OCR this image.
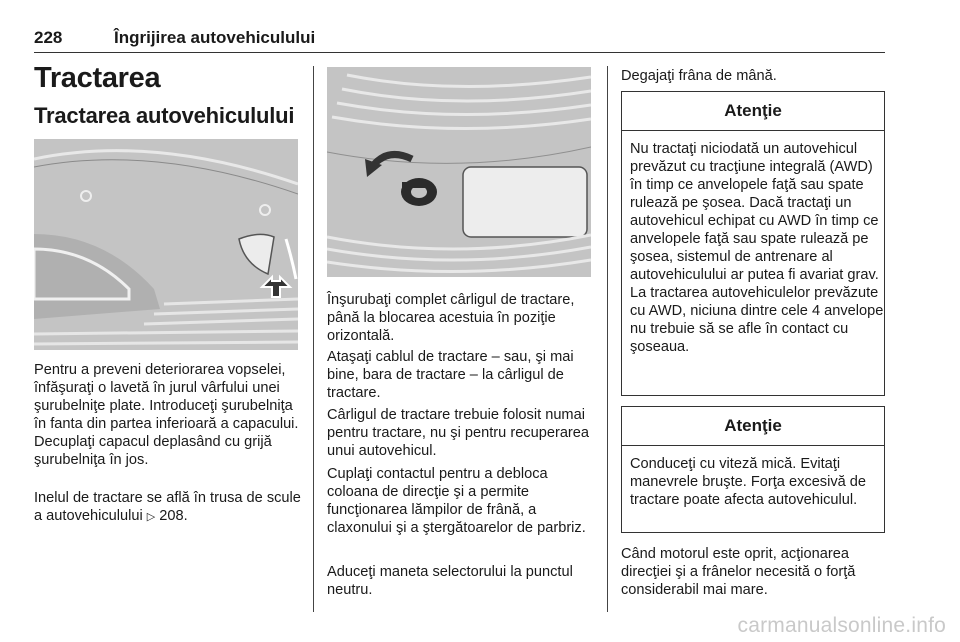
228	Îngrijirea autovehiculului
Tractarea
Tractarea autovehiculului

Pentru a preveni deteriorarea vopselei, înfăşuraţi o lavetă în jurul vârfului unei şurubelniţe plate. Introduceţi şurubelniţa în fanta din partea inferioară a capacului. Decuplaţi capacul deplasând cu grijă şurubelniţa în jos.

Inelul de tractare se află în trusa de scule a autovehiculului ▷ 208.

Înşurubaţi complet cârligul de tractare, până la blocarea acestuia în poziţie orizontală.

Ataşaţi cablul de tractare – sau, şi mai bine, bara de tractare – la cârligul de tractare.

Cârligul de tractare trebuie folosit numai pentru tractare, nu şi pentru recuperarea unui autovehicul.

Cuplaţi contactul pentru a debloca coloana de direcţie şi a permite funcţionarea lămpilor de frână, a claxonului şi a ştergătoarelor de parbriz.

Aduceţi maneta selectorului la punctul neutru.

Degajaţi frâna de mână.

Atenţie
Nu tractaţi niciodată un autovehicul prevăzut cu tracţiune integrală (AWD) în timp ce anvelopele faţă sau spate rulează pe şosea. Dacă tractaţi un autovehicul echipat cu AWD în timp ce anvelopele faţă sau spate rulează pe şosea, sistemul de antrenare al autovehiculului ar putea fi avariat grav. La tractarea autovehiculelor prevăzute cu AWD, niciuna dintre cele 4 anvelope nu trebuie să se afle în contact cu şoseaua.
Atenţie
Conduceţi cu viteză mică. Evitaţi manevrele bruşte. Forţa excesivă de tractare poate afecta autovehiculul.

Când motorul este oprit, acţionarea direcţiei şi a frânelor necesită o forţă considerabil mai mare.

carmanualsonline.info
